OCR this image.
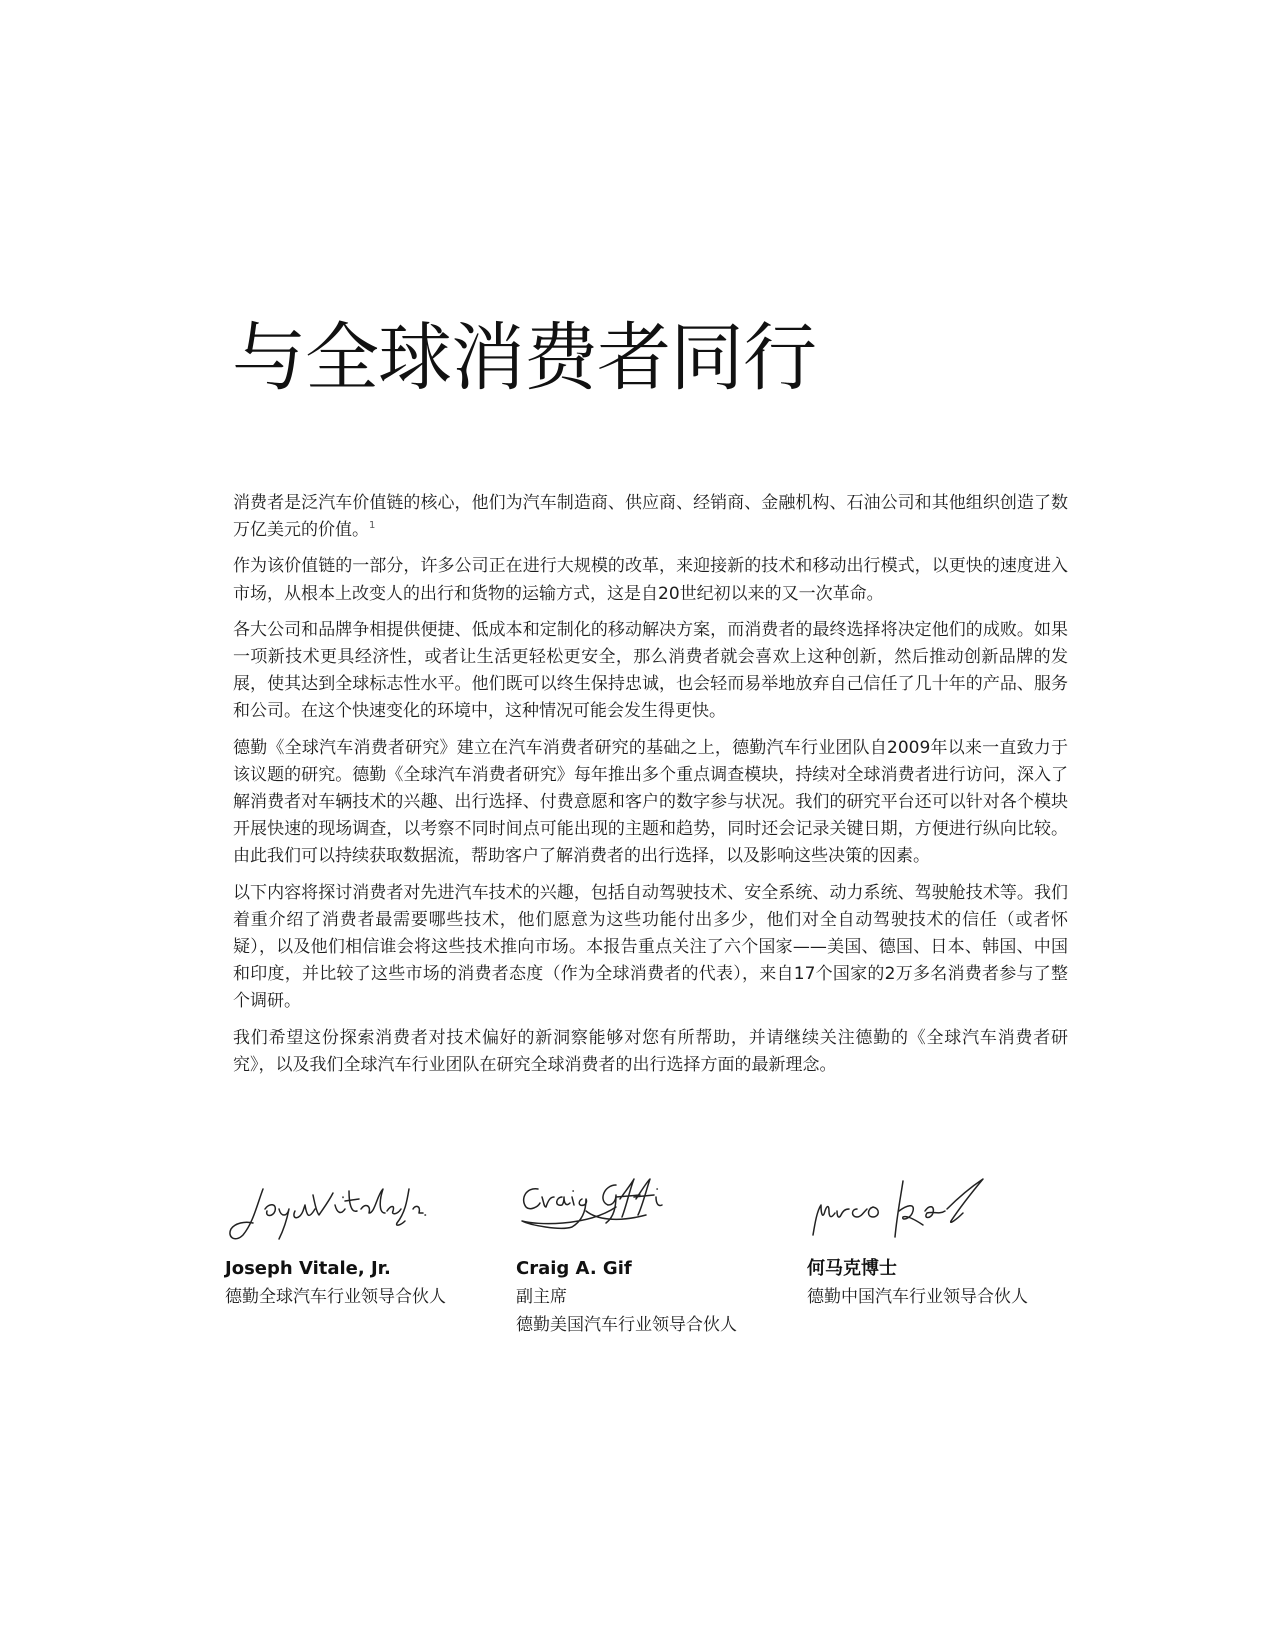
与全球消费者同行

消费者是泛汽车价值链的核心，他们为汽车制造商、供应商、经销商、金融机构、石油公司和其他组织创造了数万亿美元的价值。$^1$

作为该价值链的一部分，许多公司正在进行大规模的改革，来迎接新的技术和移动出行模式，以更快的速度进入市场，从根本上改变人的出行和货物的运输方式，这是自20世纪初以来的又一次革命。

各大公司和品牌争相提供便捷、低成本和定制化的移动解决方案，而消费者的最终选择将决定他们的成败。如果一项新技术更具经济性，或者让生活更轻松更安全，那么消费者就会喜欢上这种创新，然后推动创新品牌的发展，使其达到全球标志性水平。他们既可以终生保持忠诚，也会轻而易举地放弃自己信任了几十年的产品、服务和公司。在这个快速变化的环境中，这种情况可能会发生得更快。

德勤《全球汽车消费者研究》建立在汽车消费者研究的基础之上，德勤汽车行业团队自2009年以来一直致力于该议题的研究。德勤《全球汽车消费者研究》每年推出多个重点调查模块，持续对全球消费者进行访问，深入了解消费者对车辆技术的兴趣、出行选择、付费意愿和客户的数字参与状况。我们的研究平台还可以针对各个模块开展快速的现场调查，以考察不同时间点可能出现的主题和趋势，同时还会记录关键日期，方便进行纵向比较。由此我们可以持续获取数据流，帮助客户了解消费者的出行选择，以及影响这些决策的因素。

以下内容将探讨消费者对先进汽车技术的兴趣，包括自动驾驶技术、安全系统、动力系统、驾驶舱技术等。我们着重介绍了消费者最需要哪些技术，他们愿意为这些功能付出多少，他们对全自动驾驶技术的信任（或者怀疑），以及他们相信谁会将这些技术推向市场。本报告重点关注了六个国家——美国、德国、日本、韩国、中国和印度，并比较了这些市场的消费者态度（作为全球消费者的代表），来自17个国家的2万多名消费者参与了整个调研。

我们希望这份探索消费者对技术偏好的新洞察能够对您有所帮助，并请继续关注德勤的《全球汽车消费者研究》，以及我们全球汽车行业团队在研究全球消费者的出行选择方面的最新理念。

Joseph Vitale, Jr.

德勤全球汽车行业领导合伙人

Craig A. Gif

副主席

德勤美国汽车行业领导合伙人

何马克博士

德勤中国汽车行业领导合伙人
